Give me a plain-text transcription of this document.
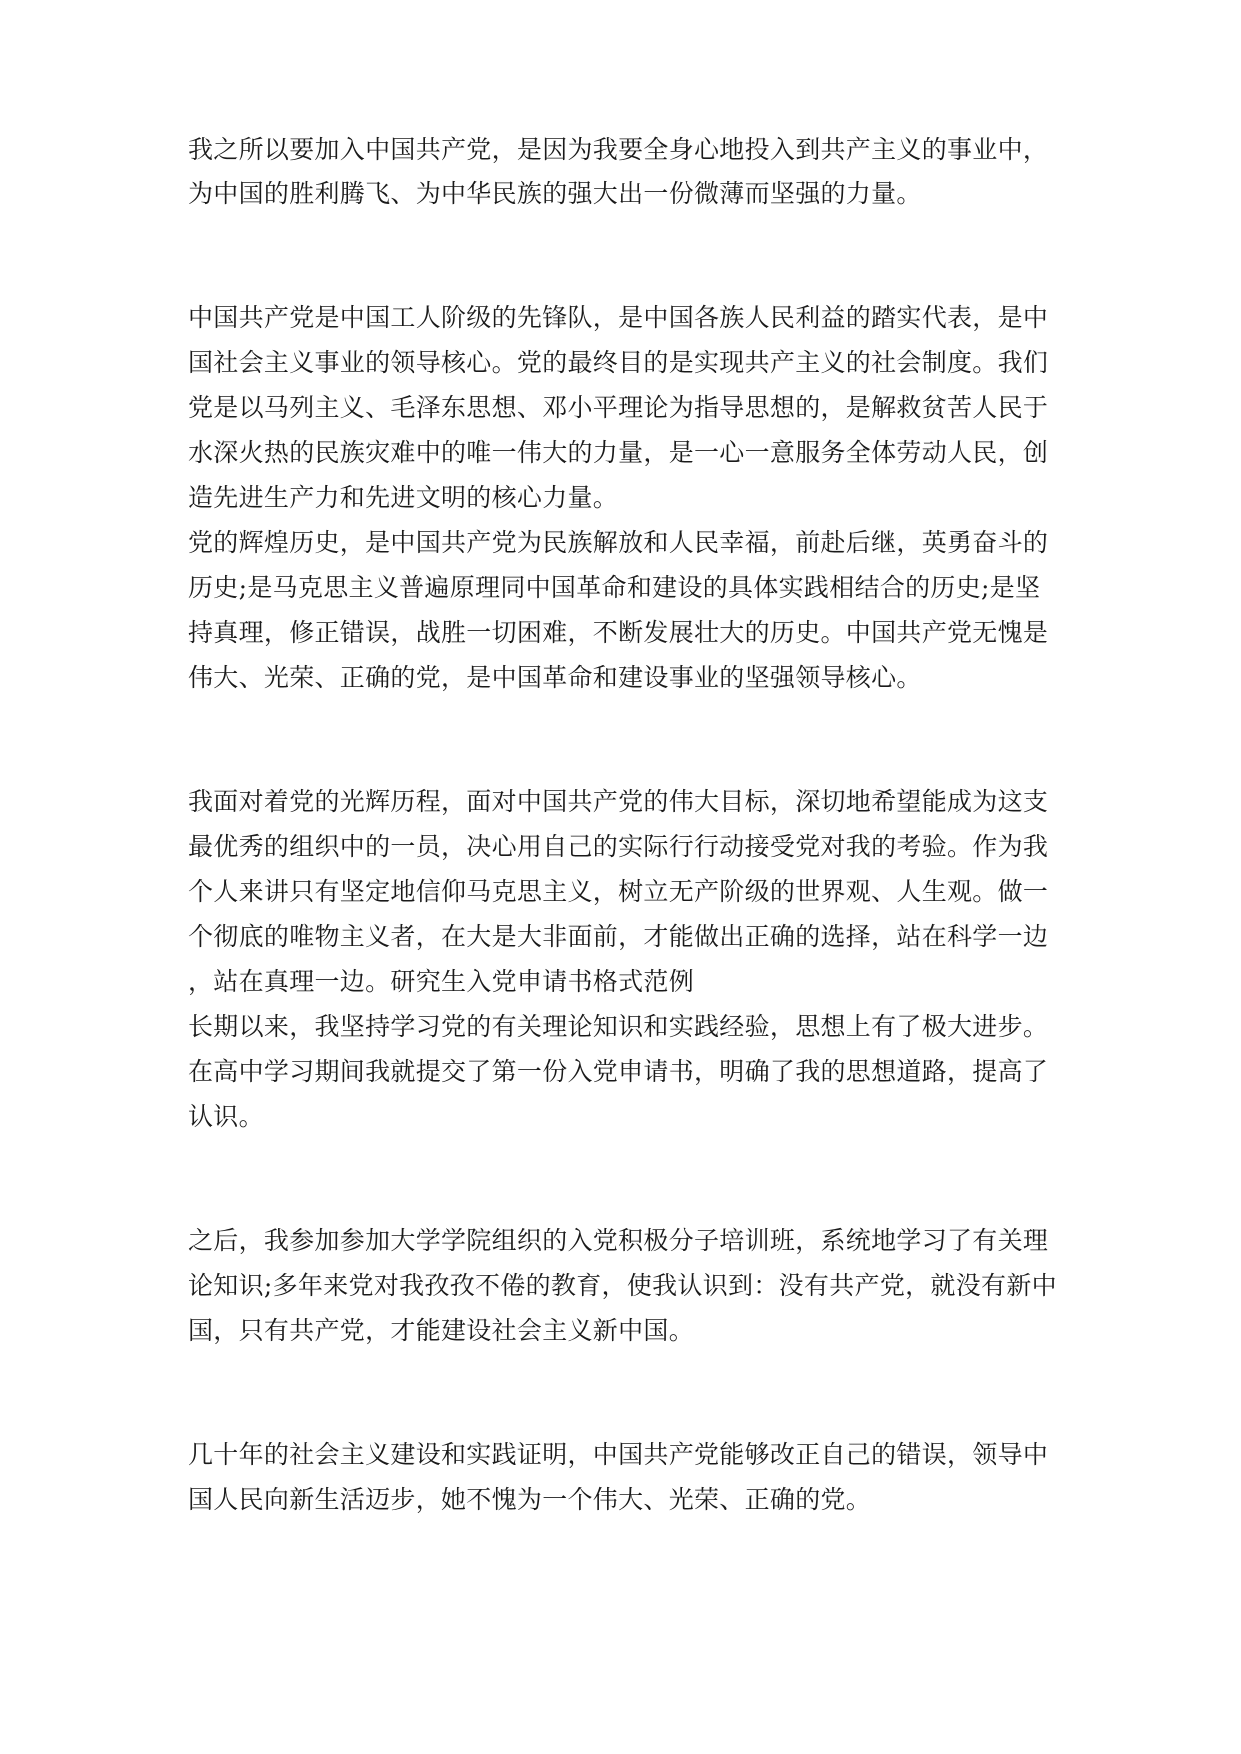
我之所以要加入中国共产党，是因为我要全身心地投入到共产主义的事业中，
为中国的胜利腾飞、为中华民族的强大出一份微薄而坚强的力量。
中国共产党是中国工人阶级的先锋队，是中国各族人民利益的踏实代表，是中
国社会主义事业的领导核心。党的最终目的是实现共产主义的社会制度。我们
党是以马列主义、毛泽东思想、邓小平理论为指导思想的，是解救贫苦人民于
水深火热的民族灾难中的唯一伟大的力量，是一心一意服务全体劳动人民，创
造先进生产力和先进文明的核心力量。
党的辉煌历史，是中国共产党为民族解放和人民幸福，前赴后继，英勇奋斗的
历史;是马克思主义普遍原理同中国革命和建设的具体实践相结合的历史;是坚
持真理，修正错误，战胜一切困难，不断发展壮大的历史。中国共产党无愧是
伟大、光荣、正确的党，是中国革命和建设事业的坚强领导核心。
我面对着党的光辉历程，面对中国共产党的伟大目标，深切地希望能成为这支
最优秀的组织中的一员，决心用自己的实际行行动接受党对我的考验。作为我
个人来讲只有坚定地信仰马克思主义，树立无产阶级的世界观、人生观。做一
个彻底的唯物主义者，在大是大非面前，才能做出正确的选择，站在科学一边
，站在真理一边。研究生入党申请书格式范例
长期以来，我坚持学习党的有关理论知识和实践经验，思想上有了极大进步。
在高中学习期间我就提交了第一份入党申请书，明确了我的思想道路，提高了
认识。
之后，我参加参加大学学院组织的入党积极分子培训班，系统地学习了有关理
论知识;多年来党对我孜孜不倦的教育，使我认识到：没有共产党，就没有新中
国，只有共产党，才能建设社会主义新中国。
几十年的社会主义建设和实践证明，中国共产党能够改正自己的错误，领导中
国人民向新生活迈步，她不愧为一个伟大、光荣、正确的党。
